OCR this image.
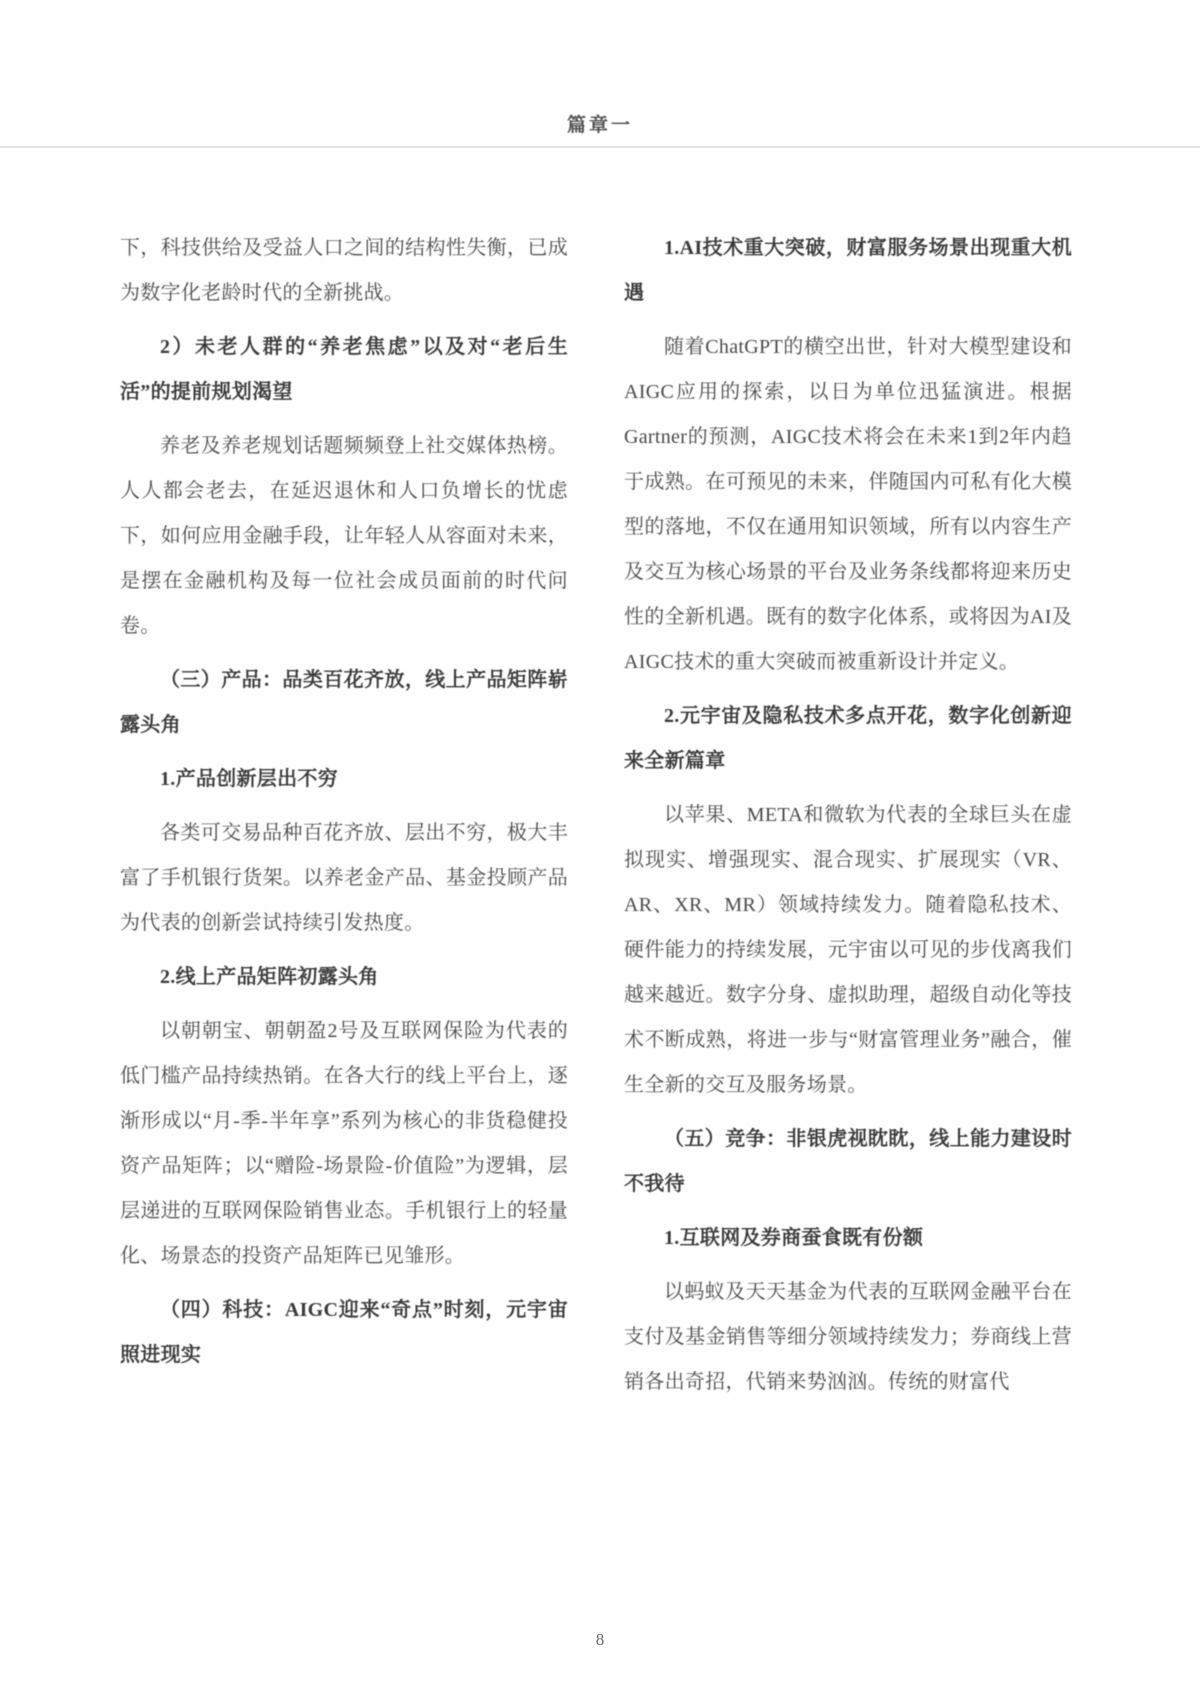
篇章一

下，科技供给及受益人口之间的结构性失衡，已成为数字化老龄时代的全新挑战。

2）未老人群的“养老焦虑”以及对“老后生活”的提前规划渴望

养老及养老规划话题频频登上社交媒体热榜。人人都会老去，在延迟退休和人口负增长的忧虑下，如何应用金融手段，让年轻人从容面对未来，是摆在金融机构及每一位社会成员面前的时代问卷。

（三）产品：品类百花齐放，线上产品矩阵崭露头角

1.产品创新层出不穷

各类可交易品种百花齐放、层出不穷，极大丰富了手机银行货架。以养老金产品、基金投顾产品为代表的创新尝试持续引发热度。

2.线上产品矩阵初露头角

以朝朝宝、朝朝盈2号及互联网保险为代表的低门槛产品持续热销。在各大行的线上平台上，逐渐形成以“月-季-半年享”系列为核心的非货稳健投资产品矩阵；以“赠险-场景险-价值险”为逻辑，层层递进的互联网保险销售业态。手机银行上的轻量化、场景态的投资产品矩阵已见雏形。

（四）科技：AIGC迎来“奇点”时刻，元宇宙照进现实

1.AI技术重大突破，财富服务场景出现重大机遇

随着ChatGPT的横空出世，针对大模型建设和AIGC应用的探索，以日为单位迅猛演进。根据Gartner的预测，AIGC技术将会在未来1到2年内趋于成熟。在可预见的未来，伴随国内可私有化大模型的落地，不仅在通用知识领域，所有以内容生产及交互为核心场景的平台及业务条线都将迎来历史性的全新机遇。既有的数字化体系，或将因为AI及AIGC技术的重大突破而被重新设计并定义。

2.元宇宙及隐私技术多点开花，数字化创新迎来全新篇章

以苹果、META和微软为代表的全球巨头在虚拟现实、增强现实、混合现实、扩展现实（VR、AR、XR、MR）领域持续发力。随着隐私技术、硬件能力的持续发展，元宇宙以可见的步伐离我们越来越近。数字分身、虚拟助理，超级自动化等技术不断成熟，将进一步与“财富管理业务”融合，催生全新的交互及服务场景。

（五）竞争：非银虎视眈眈，线上能力建设时不我待

1.互联网及券商蚕食既有份额

以蚂蚁及天天基金为代表的互联网金融平台在支付及基金销售等细分领域持续发力；券商线上营销各出奇招，代销来势汹汹。传统的财富代

8
